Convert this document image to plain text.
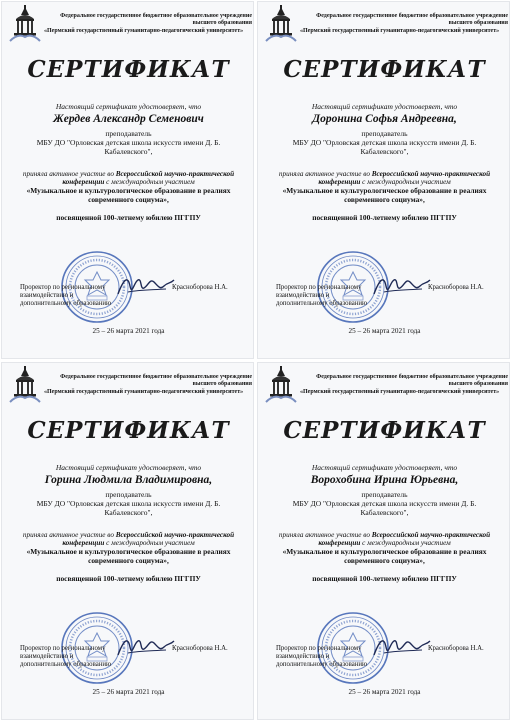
Федеральное государственное бюджетное образовательное учреждение
высшего образования
«Пермский государственный гуманитарно-педагогический университет»
СЕРТИФИКАТ
Настоящий сертификат удостоверяет, что
Жердев Александр Семенович
преподаватель
МБУ ДО "Орловская детская школа искусств имени Д. Б. Кабалевского",
приняла активное участие во Всероссийской научно-практической конференции с международным участием
«Музыкальное и культурологическое образование в реалиях современного социума»,
посвященной 100-летнему юбилею ПГГПУ
Проректор по региональному
взаимодействию и
дополнительному образованию
Красноборова Н.А.
25 – 26 марта 2021 года
Федеральное государственное бюджетное образовательное учреждение
высшего образования
«Пермский государственный гуманитарно-педагогический университет»
СЕРТИФИКАТ
Настоящий сертификат удостоверяет, что
Доронина Софья Андреевна,
преподаватель
МБУ ДО "Орловская детская школа искусств имени Д. Б. Кабалевского",
приняла активное участие во Всероссийской научно-практической конференции с международным участием
«Музыкальное и культурологическое образование в реалиях современного социума»,
посвященной 100-летнему юбилею ПГГПУ
Проректор по региональному
взаимодействию и
дополнительному образованию
Красноборова Н.А.
25 – 26 марта 2021 года
Федеральное государственное бюджетное образовательное учреждение
высшего образования
«Пермский государственный гуманитарно-педагогический университет»
СЕРТИФИКАТ
Настоящий сертификат удостоверяет, что
Горина Людмила Владимировна,
преподаватель
МБУ ДО "Орловская детская школа искусств имени Д. Б. Кабалевского",
приняла активное участие во Всероссийской научно-практической конференции с международным участием
«Музыкальное и культурологическое образование в реалиях современного социума»,
посвященной 100-летнему юбилею ПГГПУ
Проректор по региональному
взаимодействию и
дополнительному образованию
Красноборова Н.А.
25 – 26 марта 2021 года
Федеральное государственное бюджетное образовательное учреждение
высшего образования
«Пермский государственный гуманитарно-педагогический университет»
СЕРТИФИКАТ
Настоящий сертификат удостоверяет, что
Ворохобина Ирина Юрьевна,
преподаватель
МБУ ДО "Орловская детская школа искусств имени Д. Б. Кабалевского",
приняла активное участие во Всероссийской научно-практической конференции с международным участием
«Музыкальное и культурологическое образование в реалиях современного социума»,
посвященной 100-летнему юбилею ПГГПУ
Проректор по региональному
взаимодействию и
дополнительному образованию
Красноборова Н.А.
25 – 26 марта 2021 года
